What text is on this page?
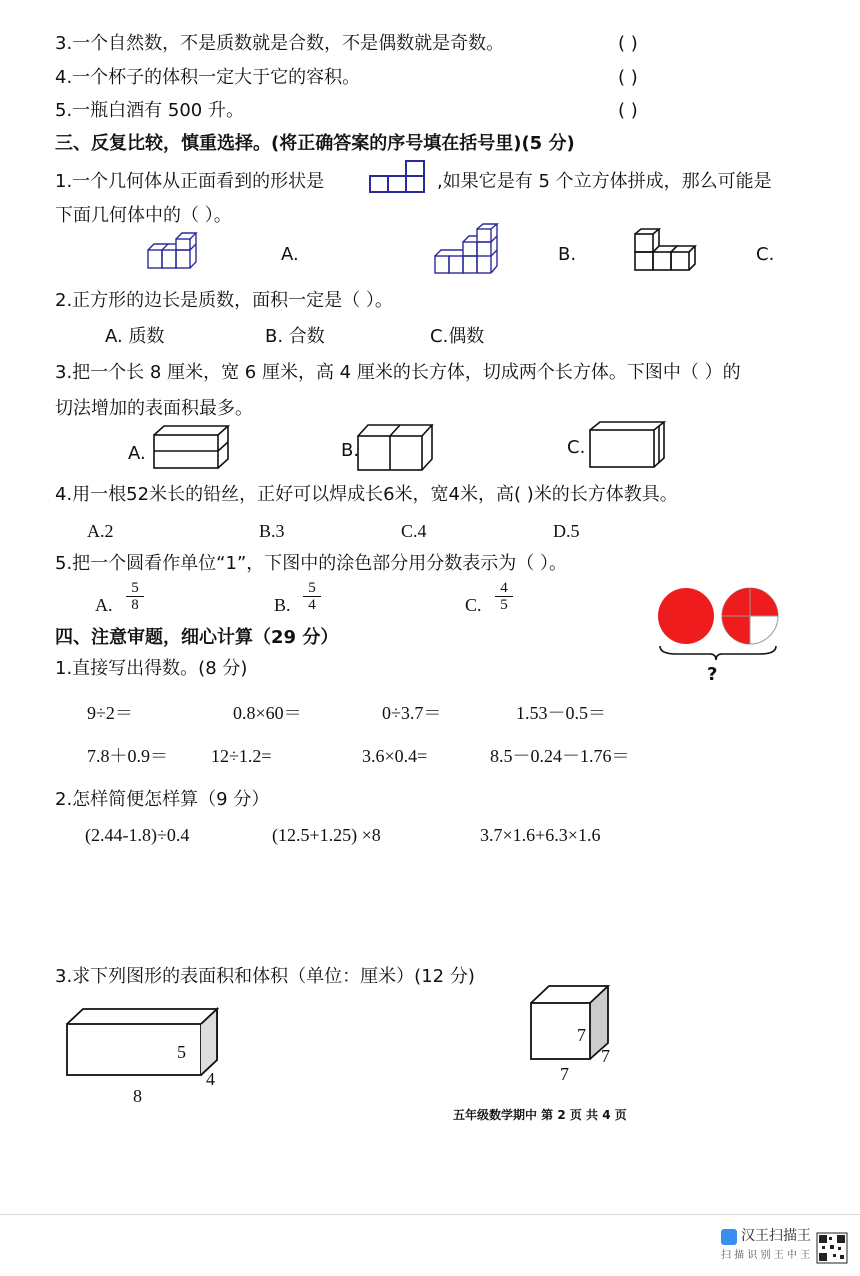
3.一个自然数，不是质数就是合数，不是偶数就是奇数。	( )
4.一个杯子的体积一定大于它的容积。	( )
5.一瓶白酒有 500 升。	( )
三、反复比较，慎重选择。(将正确答案的序号填在括号里)(5 分)
1.一个几何体从正面看到的形状是	,如果它是有 5 个立方体拼成，那么可能是
下面几何体中的（ ）。
A.	B.	C.
2.正方形的边长是质数，面积一定是（ ）。
A. 质数	B. 合数	C.偶数
3.把一个长 8 厘米，宽 6 厘米，高 4 厘米的长方体，切成两个长方体。下图中（ ）的
切法增加的表面积最多。
A.	B.	C.
4.用一根52米长的铅丝，正好可以焊成长6米，宽4米，高( )米的长方体教具。
A.2	B.3	C.4	D.5
5.把一个圆看作单位“1”，下图中的涂色部分用分数表示为（ ）。
A. $\frac{5}{8}$	B. $\frac{5}{4}$	C. $\frac{4}{5}$
?
四、注意审题，细心计算（29 分）
1.直接写出得数。(8 分)
9÷2＝	0.8×60＝	0÷3.7＝	1.53－0.5＝
7.8＋0.9＝ 12÷1.2=	3.6×0.4=	8.5－0.24－1.76＝
2.怎样简便怎样算（9 分）
(2.44-1.8)÷0.4	(12.5+1.25) ×8	3.7×1.6+6.3×1.6
3.求下列图形的表面积和体积（单位：厘米）(12 分)
5
4
8
7
7
7
五年级数学期中 第 2 页 共 4 页
汉王扫描王
扫 描 识 别 王 中 王
